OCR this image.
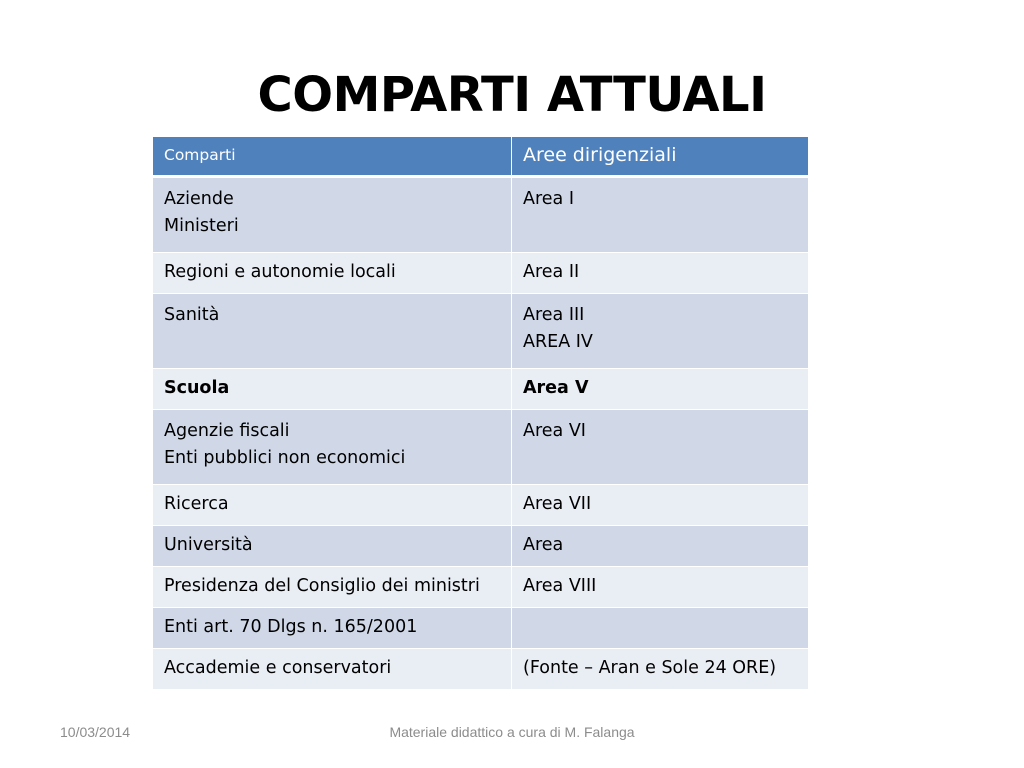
COMPARTI ATTUALI
Comparti	Aree dirigenziali

Aziende
Ministeri	Area I

Regioni e autonomie locali	Area II

Sanità	Area III
AREA IV

Scuola	Area V

Agenzie fiscali
Enti pubblici non economici	Area VI

Ricerca	Area VII

Università	Area

Presidenza del Consiglio dei ministri	Area VIII

Enti art. 70 Dlgs n. 165/2001	

Accademie e conservatori	(Fonte – Aran e Sole 24 ORE)
10/03/2014	Materiale didattico a cura di M. Falanga
